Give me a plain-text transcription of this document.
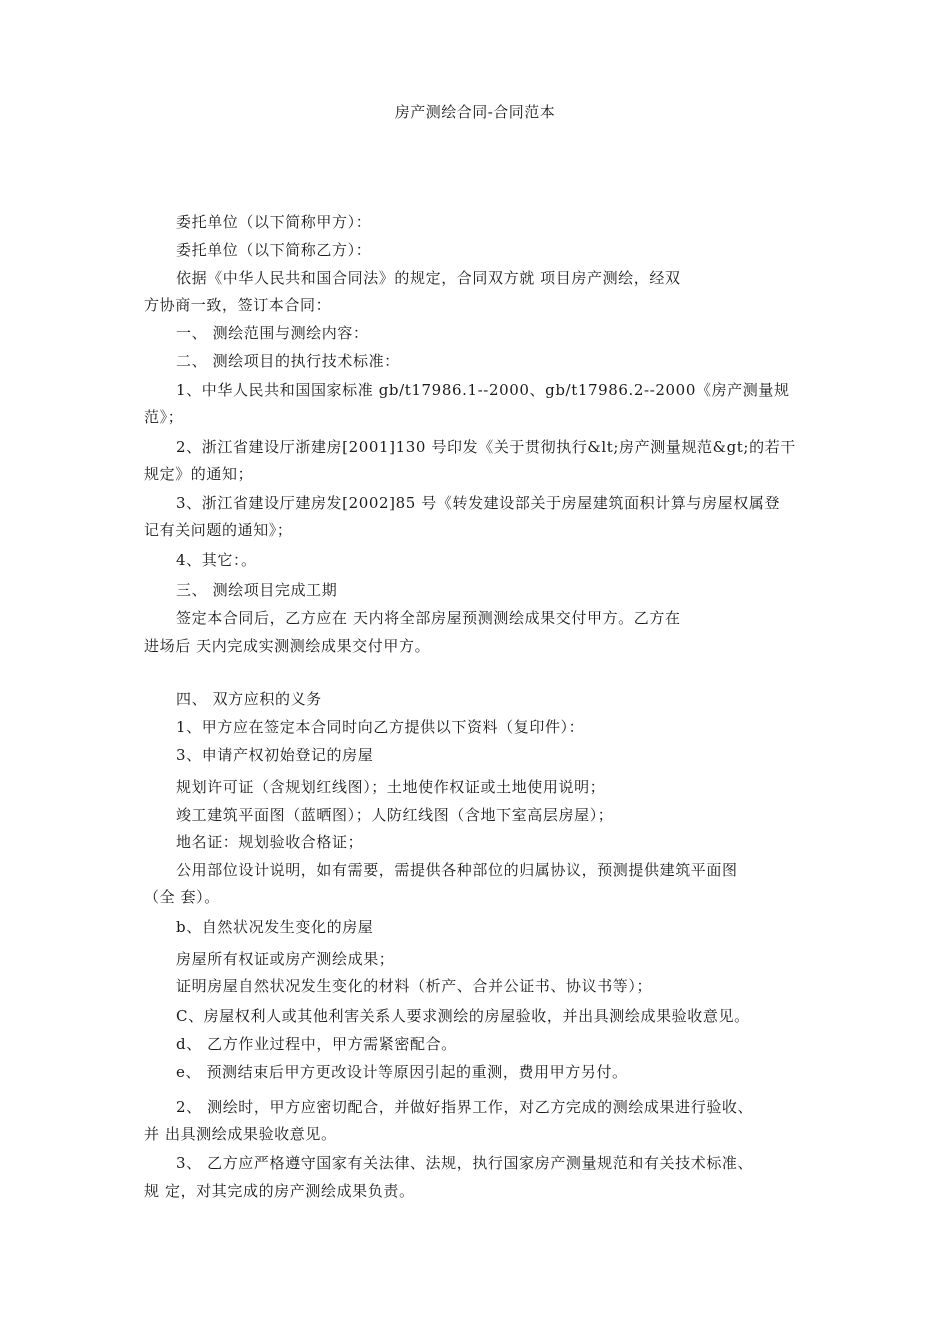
房产测绘合同-合同范本
委托单位（以下简称甲方）：
委托单位（以下简称乙方）：
依据《中华人民共和国合同法》的规定，合同双方就 项目房产测绘，经双
方协商一致，签订本合同：
一、 测绘范围与测绘内容：
二、 测绘项目的执行技术标准：
1、中华人民共和国国家标准 gb/t17986.1--2000、gb/t17986.2--2000《房产测量规
范》；
2、浙江省建设厅浙建房[2001]130 号印发《关于贯彻执行&lt;房产测量规范&gt;的若干
规定》的通知；
3、浙江省建设厅建房发[2002]85 号《转发建设部关于房屋建筑面积计算与房屋权属登
记有关问题的通知》；
4、其它：。
三、 测绘项目完成工期
签定本合同后，乙方应在 天内将全部房屋预测测绘成果交付甲方。乙方在
进场后 天内完成实测测绘成果交付甲方。
四、 双方应积的义务
1、甲方应在签定本合同时向乙方提供以下资料（复印件）：
3、申请产权初始登记的房屋
规划许可证（含规划红线图）；土地使作权证或土地使用说明；
竣工建筑平面图（蓝晒图）；人防红线图（含地下室高层房屋）；
地名证：规划验收合格证；
公用部位设计说明，如有需要，需提供各种部位的归属协议，预测提供建筑平面图
（全 套）。
b、自然状况发生变化的房屋
房屋所有权证或房产测绘成果；
证明房屋自然状况发生变化的材料（析产、合并公证书、协议书等）；
C、房屋权利人或其他利害关系人要求测绘的房屋验收，并出具测绘成果验收意见。
d、 乙方作业过程中，甲方需紧密配合。
e、 预测结束后甲方更改设计等原因引起的重测，费用甲方另付。
2、 测绘时，甲方应密切配合，并做好指界工作，对乙方完成的测绘成果进行验收、
并 出具测绘成果验收意见。
3、 乙方应严格遵守国家有关法律、法规，执行国家房产测量规范和有关技术标准、
规 定，对其完成的房产测绘成果负责。
